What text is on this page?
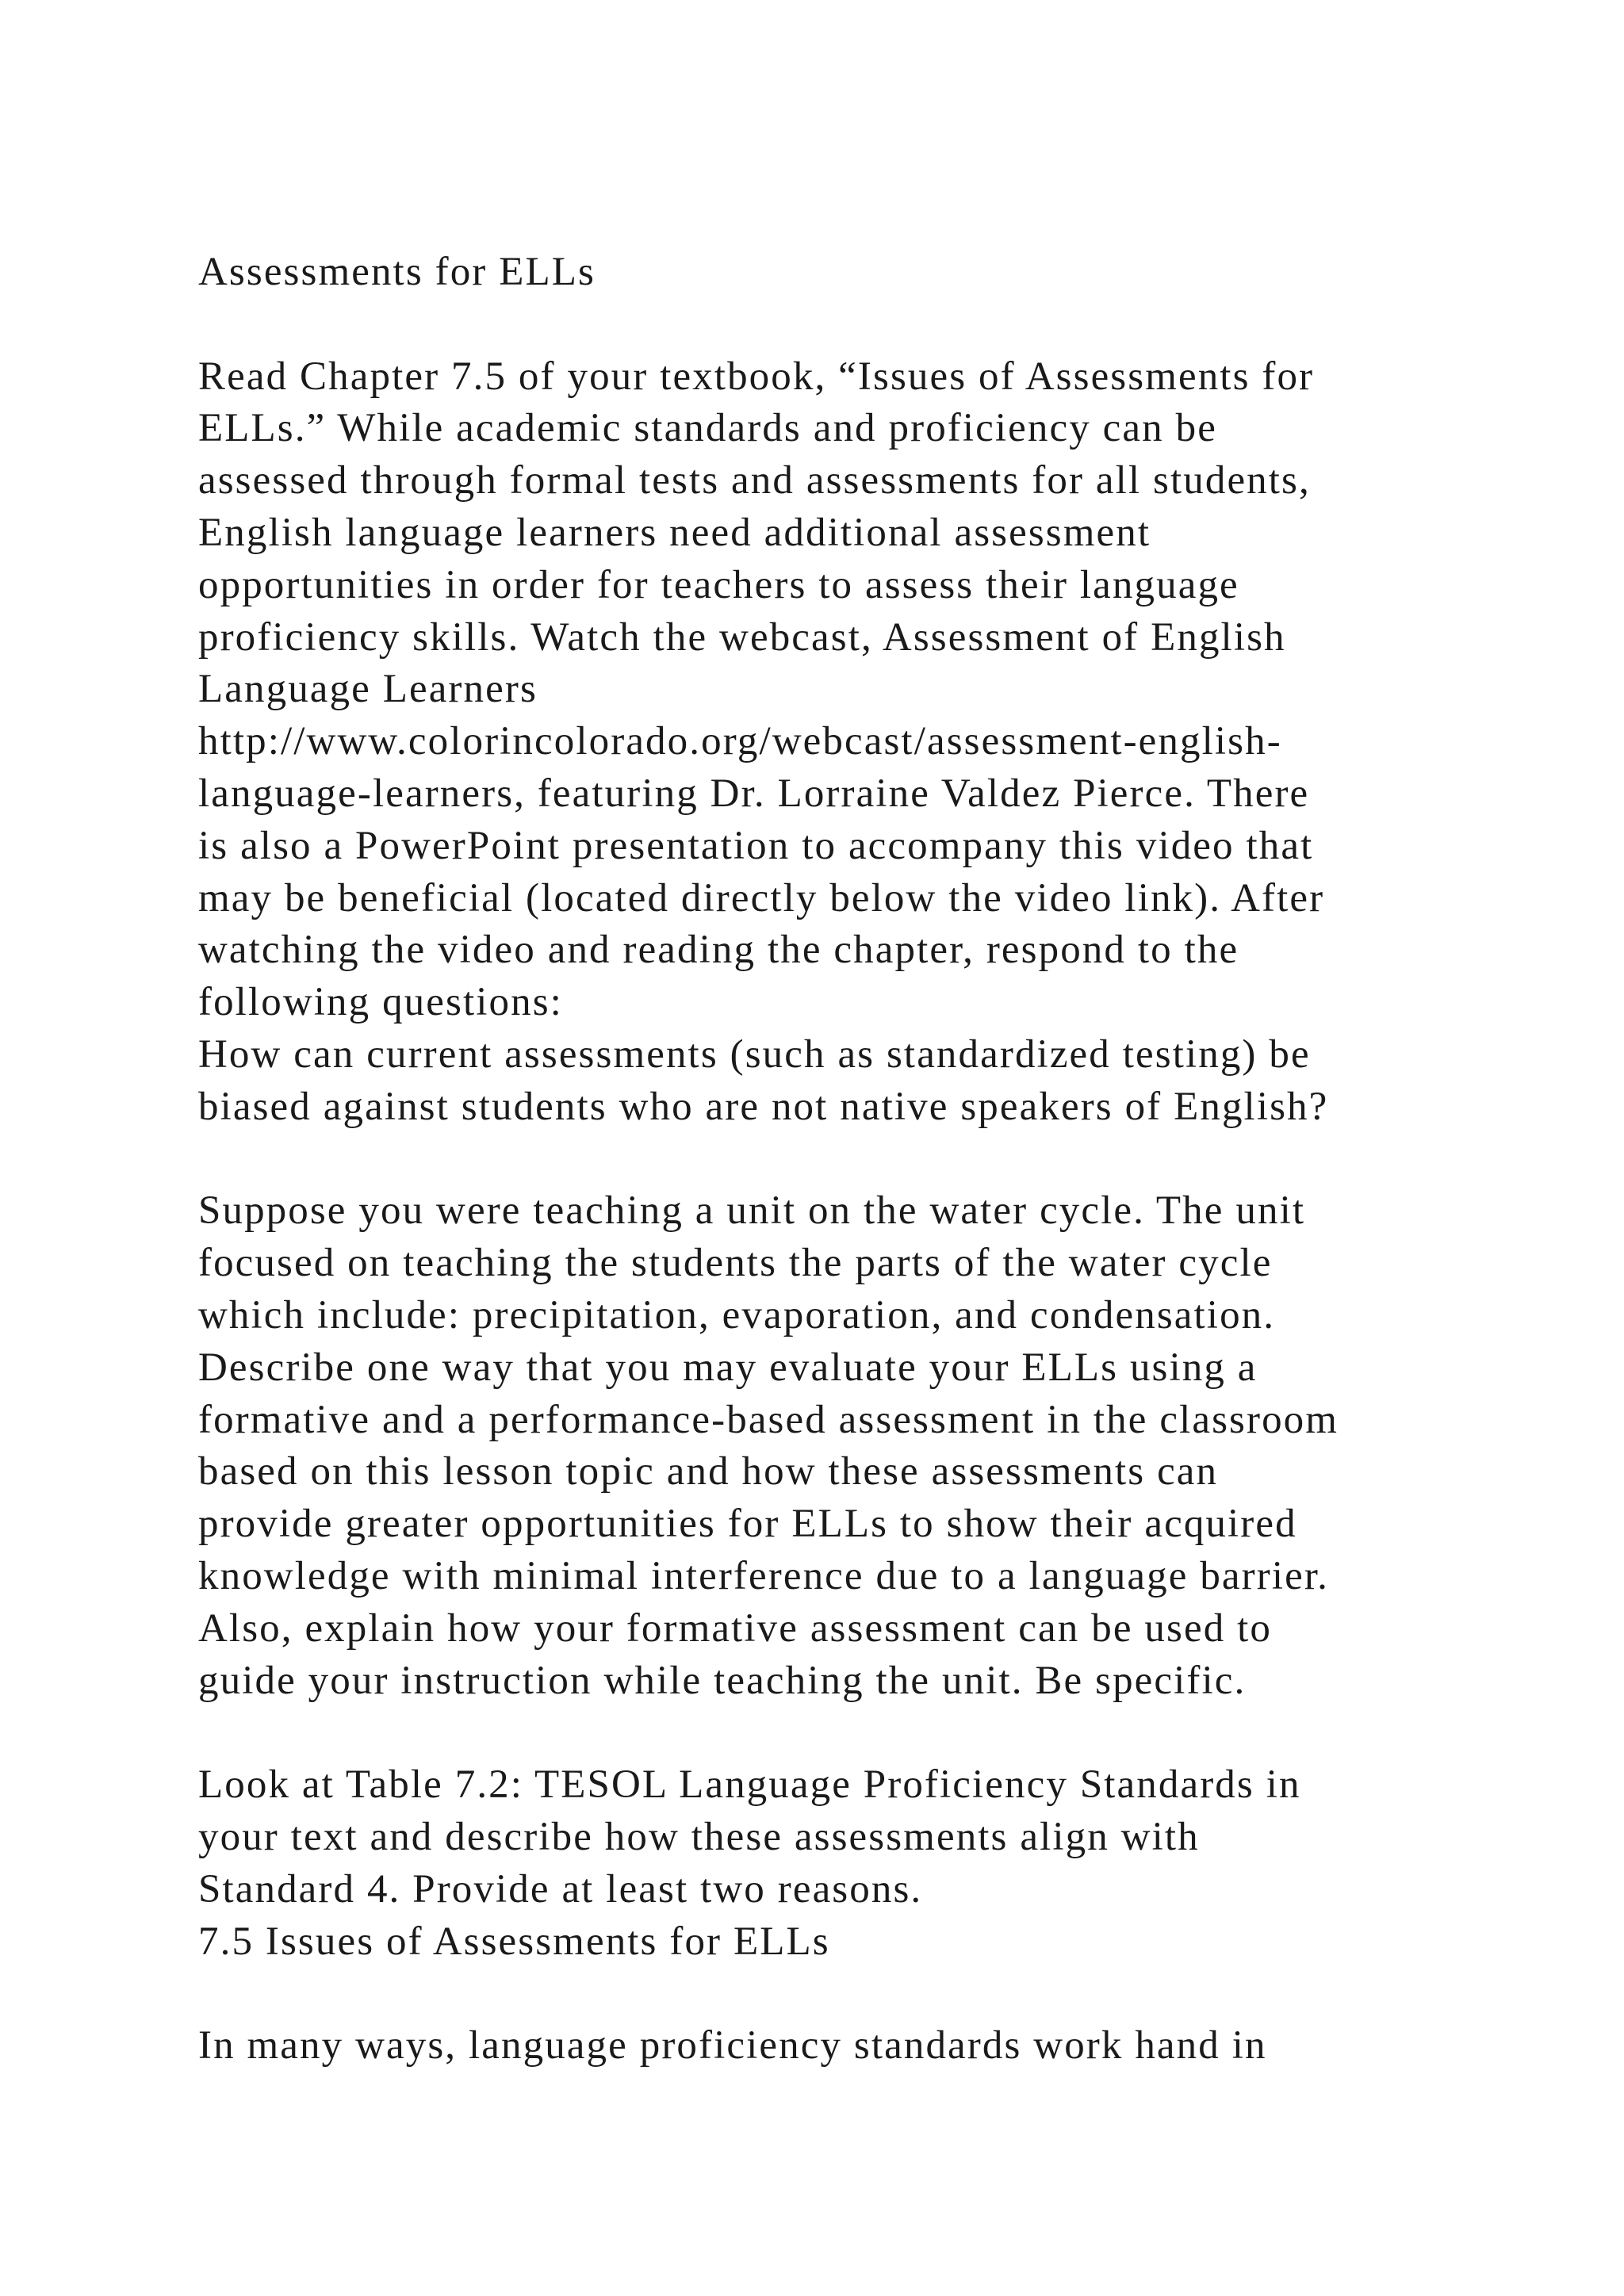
Assessments for ELLs
Read Chapter 7.5 of your textbook, “Issues of Assessments for
ELLs.” While academic standards and proficiency can be
assessed through formal tests and assessments for all students,
English language learners need additional assessment
opportunities in order for teachers to assess their language
proficiency skills. Watch the webcast, Assessment of English
Language Learners
http://www.colorincolorado.org/webcast/assessment-english-
language-learners, featuring Dr. Lorraine Valdez Pierce. There
is also a PowerPoint presentation to accompany this video that
may be beneficial (located directly below the video link). After
watching the video and reading the chapter, respond to the
following questions:
How can current assessments (such as standardized testing) be
biased against students who are not native speakers of English?
Suppose you were teaching a unit on the water cycle. The unit
focused on teaching the students the parts of the water cycle
which include: precipitation, evaporation, and condensation.
Describe one way that you may evaluate your ELLs using a
formative and a performance-based assessment in the classroom
based on this lesson topic and how these assessments can
provide greater opportunities for ELLs to show their acquired
knowledge with minimal interference due to a language barrier.
Also, explain how your formative assessment can be used to
guide your instruction while teaching the unit. Be specific.
Look at Table 7.2: TESOL Language Proficiency Standards in
your text and describe how these assessments align with
Standard 4. Provide at least two reasons.
7.5 Issues of Assessments for ELLs
In many ways, language proficiency standards work hand in
